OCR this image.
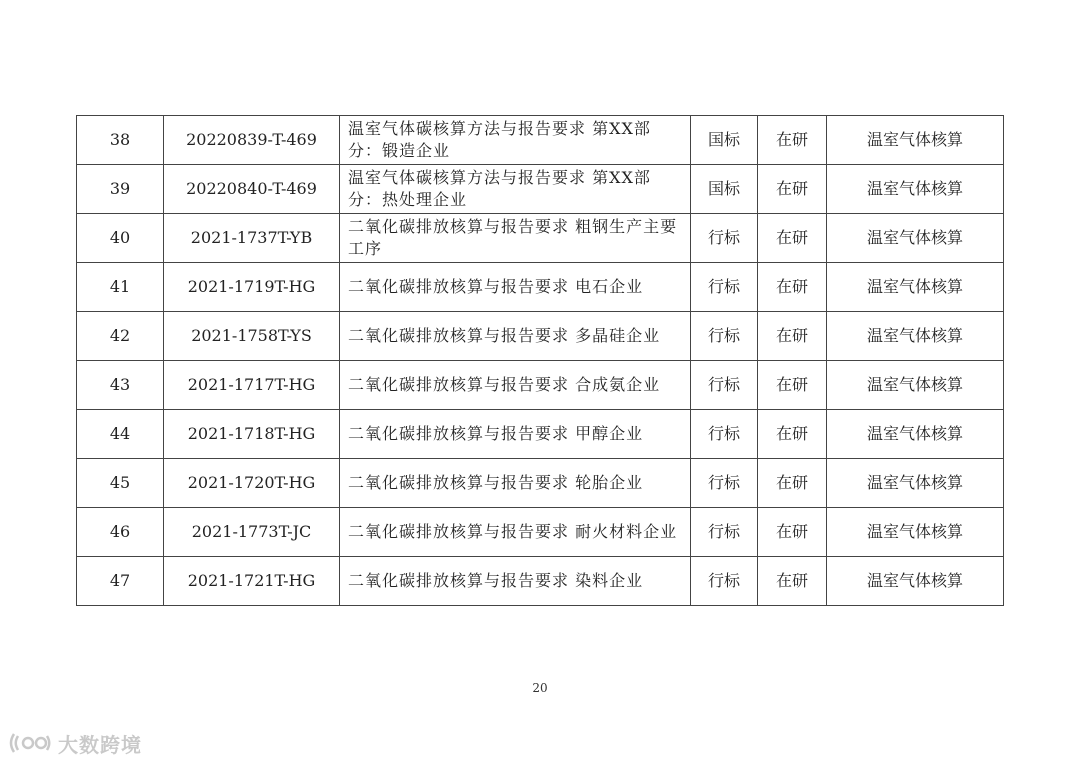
38	20220839-T-469	温室气体碳核算方法与报告要求 第XX部分：锻造企业	国标	在研	温室气体核算
39	20220840-T-469	温室气体碳核算方法与报告要求 第XX部分：热处理企业	国标	在研	温室气体核算
40	2021-1737T-YB	二氧化碳排放核算与报告要求 粗钢生产主要工序	行标	在研	温室气体核算
41	2021-1719T-HG	二氧化碳排放核算与报告要求 电石企业	行标	在研	温室气体核算
42	2021-1758T-YS	二氧化碳排放核算与报告要求 多晶硅企业	行标	在研	温室气体核算
43	2021-1717T-HG	二氧化碳排放核算与报告要求 合成氨企业	行标	在研	温室气体核算
44	2021-1718T-HG	二氧化碳排放核算与报告要求 甲醇企业	行标	在研	温室气体核算
45	2021-1720T-HG	二氧化碳排放核算与报告要求 轮胎企业	行标	在研	温室气体核算
46	2021-1773T-JC	二氧化碳排放核算与报告要求 耐火材料企业	行标	在研	温室气体核算
47	2021-1721T-HG	二氧化碳排放核算与报告要求 染料企业	行标	在研	温室气体核算
20
大数跨境
